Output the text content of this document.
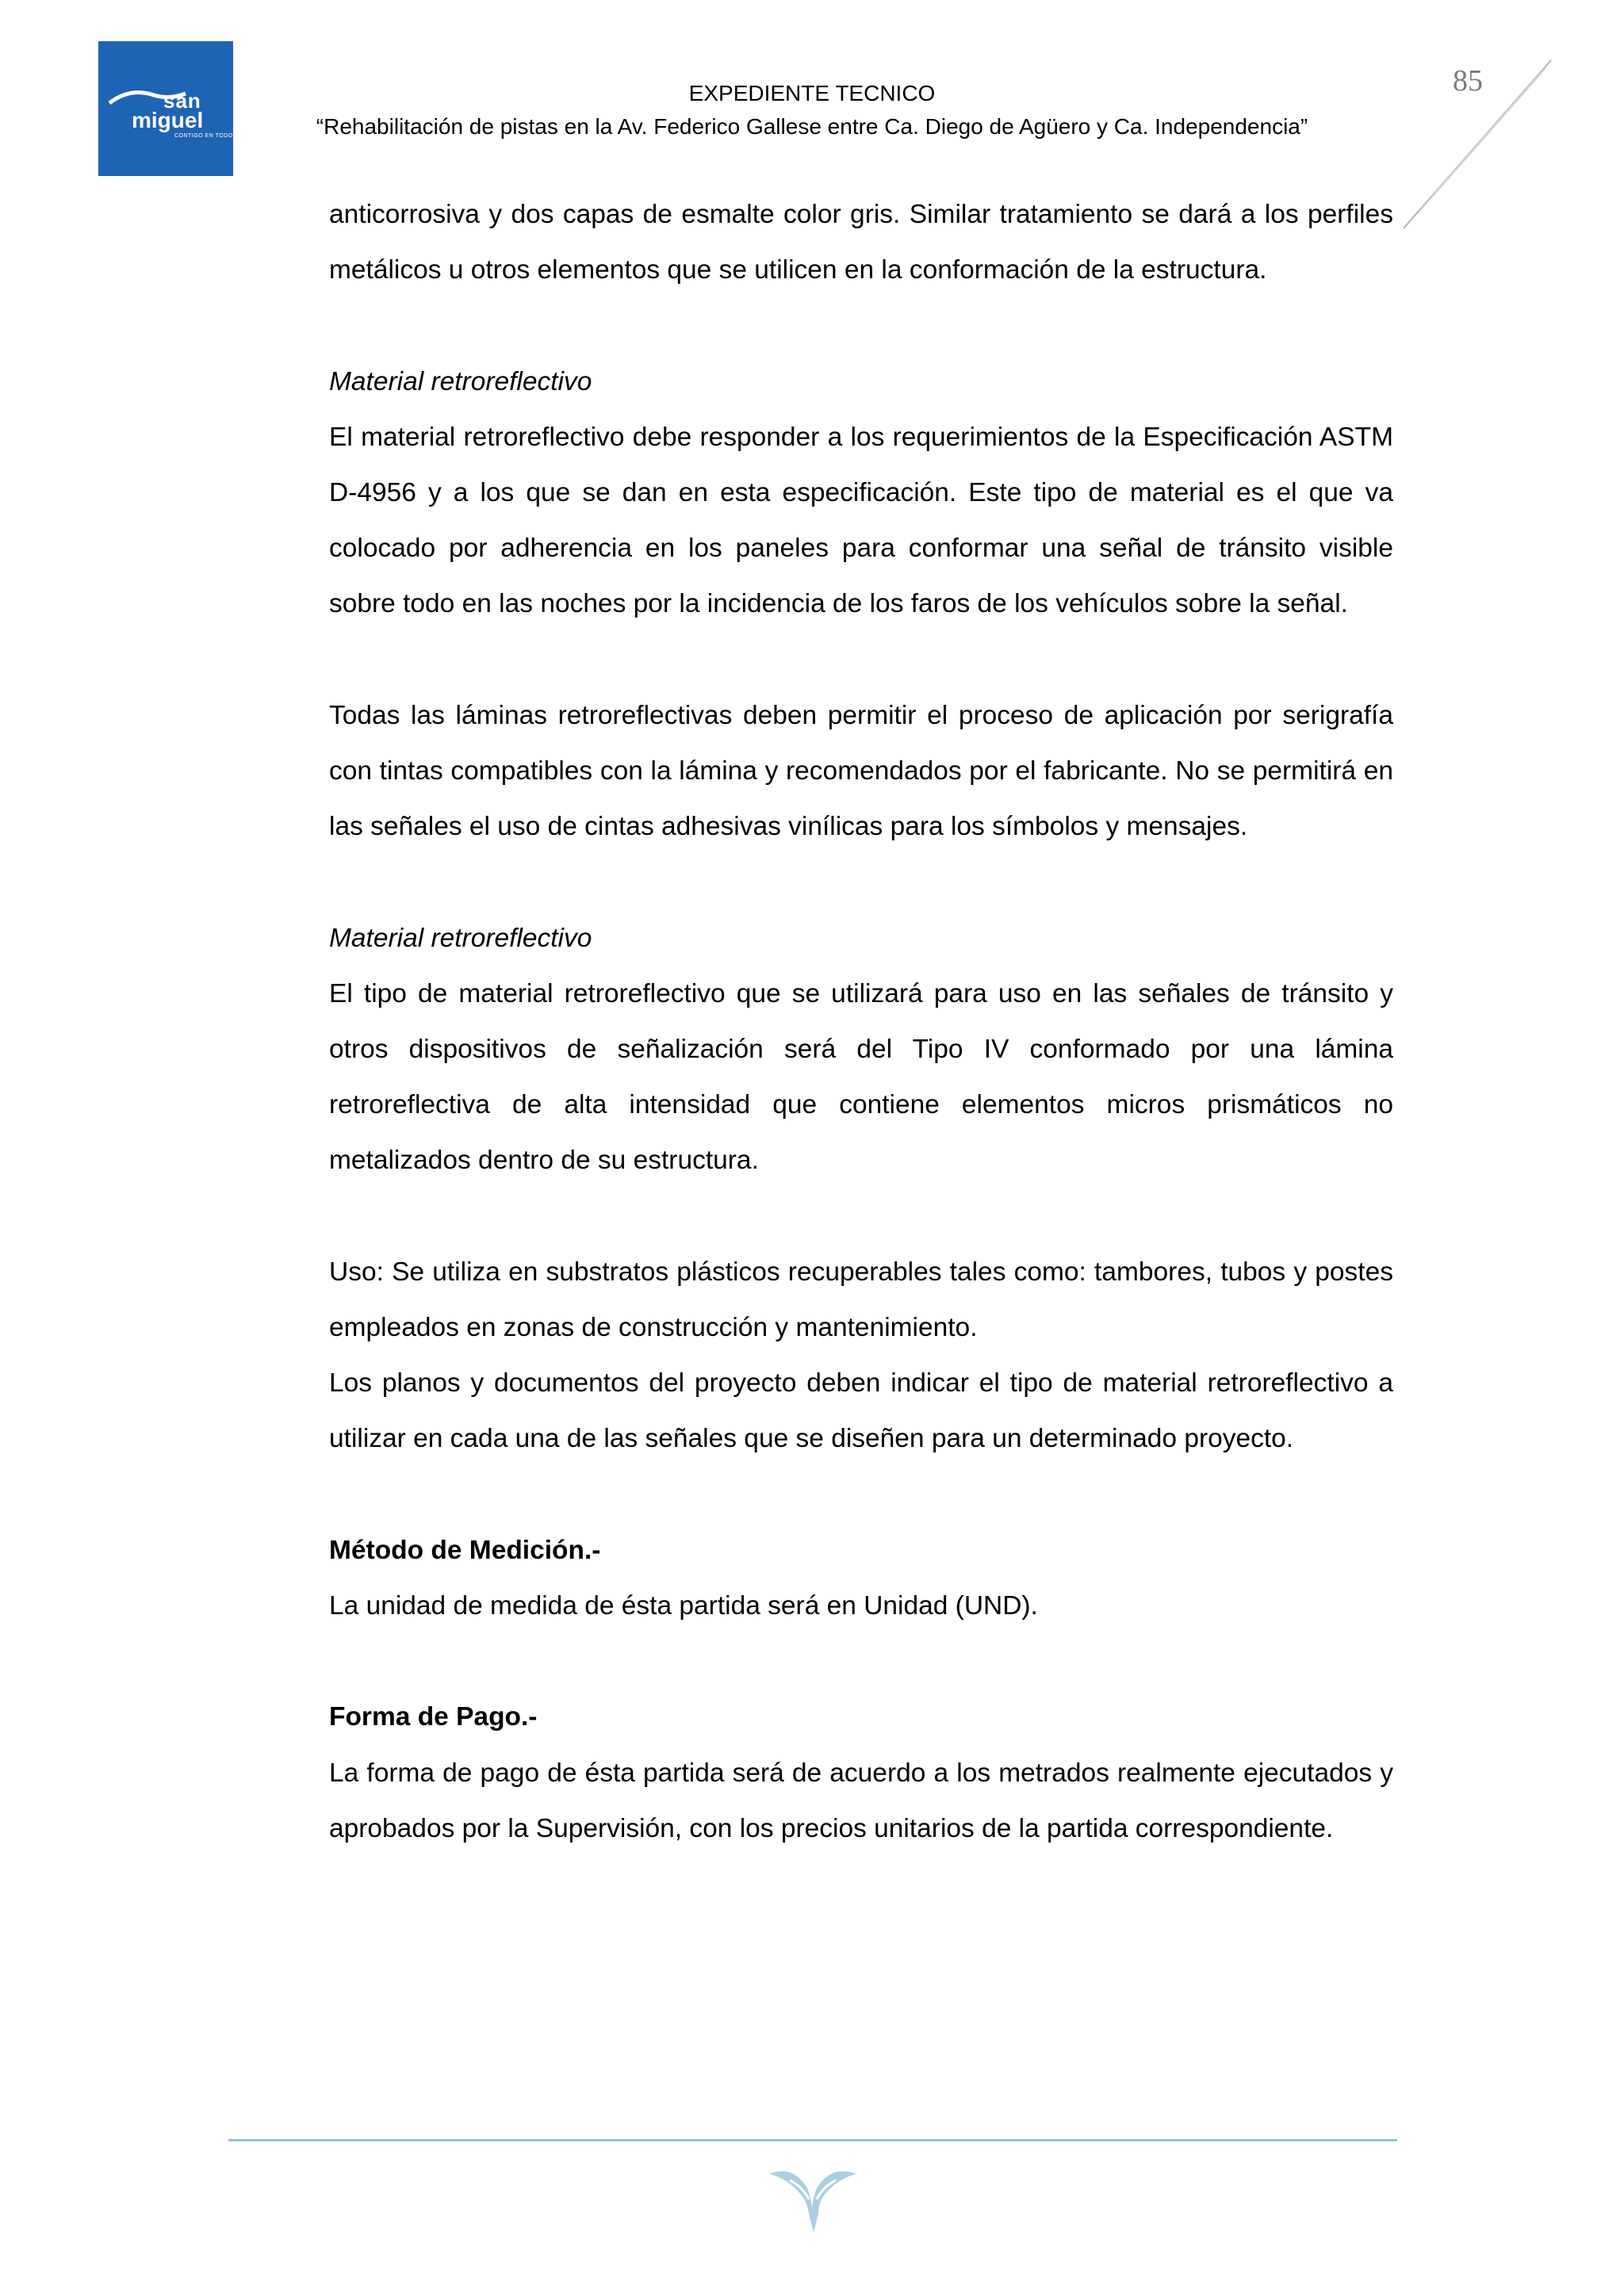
san
miguel
CONTIGO EN TODO
EXPEDIENTE TECNICO
“Rehabilitación de pistas en la Av. Federico Gallese entre Ca. Diego de Agüero y Ca. Independencia”
85

anticorrosiva y dos capas de esmalte color gris. Similar tratamiento se dará a los perfiles metálicos u otros elementos que se utilicen en la conformación de la estructura.

Material retroreflectivo

El material retroreflectivo debe responder a los requerimientos de la Especificación ASTM D-4956 y a los que se dan en esta especificación. Este tipo de material es el que va colocado por adherencia en los paneles para conformar una señal de tránsito visible sobre todo en las noches por la incidencia de los faros de los vehículos sobre la señal.

Todas las láminas retroreflectivas deben permitir el proceso de aplicación por serigrafía con tintas compatibles con la lámina y recomendados por el fabricante. No se permitirá en las señales el uso de cintas adhesivas vinílicas para los símbolos y mensajes.

Material retroreflectivo

El tipo de material retroreflectivo que se utilizará para uso en las señales de tránsito y otros dispositivos de señalización será del Tipo IV conformado por una lámina retroreflectiva de alta intensidad que contiene elementos micros prismáticos no metalizados dentro de su estructura.

Uso: Se utiliza en substratos plásticos recuperables tales como: tambores, tubos y postes empleados en zonas de construcción y mantenimiento.

Los planos y documentos del proyecto deben indicar el tipo de material retroreflectivo a utilizar en cada una de las señales que se diseñen para un determinado proyecto.

Método de Medición.-

La unidad de medida de ésta partida será en Unidad (UND).

Forma de Pago.-

La forma de pago de ésta partida será de acuerdo a los metrados realmente ejecutados y aprobados por la Supervisión, con los precios unitarios de la partida correspondiente.
